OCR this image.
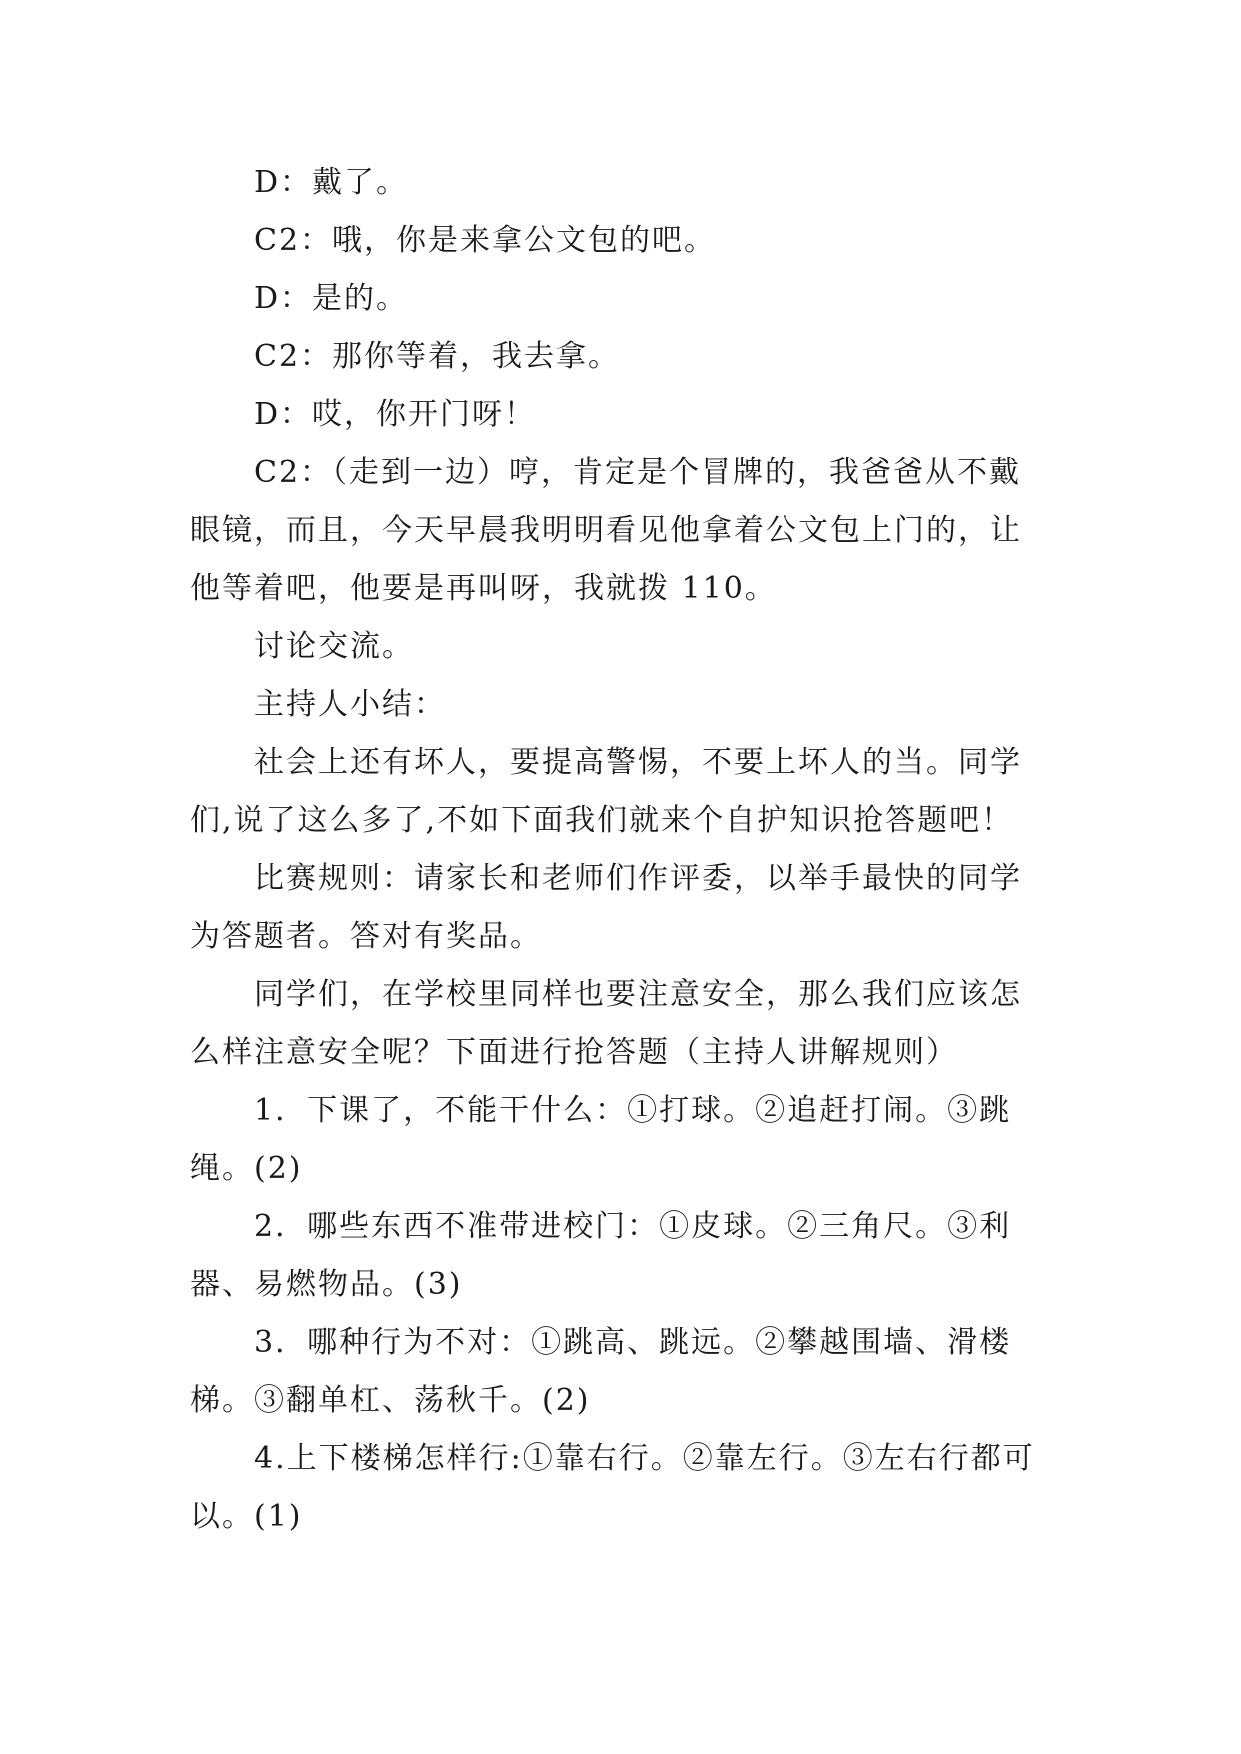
D：戴了。

C2：哦，你是来拿公文包的吧。

D：是的。

C2：那你等着，我去拿。

D：哎，你开门呀！

C2：（走到一边）哼，肯定是个冒牌的，我爸爸从不戴
眼镜，而且，今天早晨我明明看见他拿着公文包上门的，让
他等着吧，他要是再叫呀，我就拨 110。

讨论交流。

主持人小结：

社会上还有坏人，要提高警惕，不要上坏人的当。同学
们,说了这么多了,不如下面我们就来个自护知识抢答题吧！

比赛规则：请家长和老师们作评委，以举手最快的同学
为答题者。答对有奖品。

同学们，在学校里同样也要注意安全，那么我们应该怎
么样注意安全呢？下面进行抢答题（主持人讲解规则）

1．下课了，不能干什么：①打球。②追赶打闹。③跳
绳。(2)

2．哪些东西不准带进校门：①皮球。②三角尺。③利
器、易燃物品。(3)

3．哪种行为不对：①跳高、跳远。②攀越围墙、滑楼
梯。③翻单杠、荡秋千。(2)

4.上下楼梯怎样行:①靠右行。②靠左行。③左右行都可
以。(1)
